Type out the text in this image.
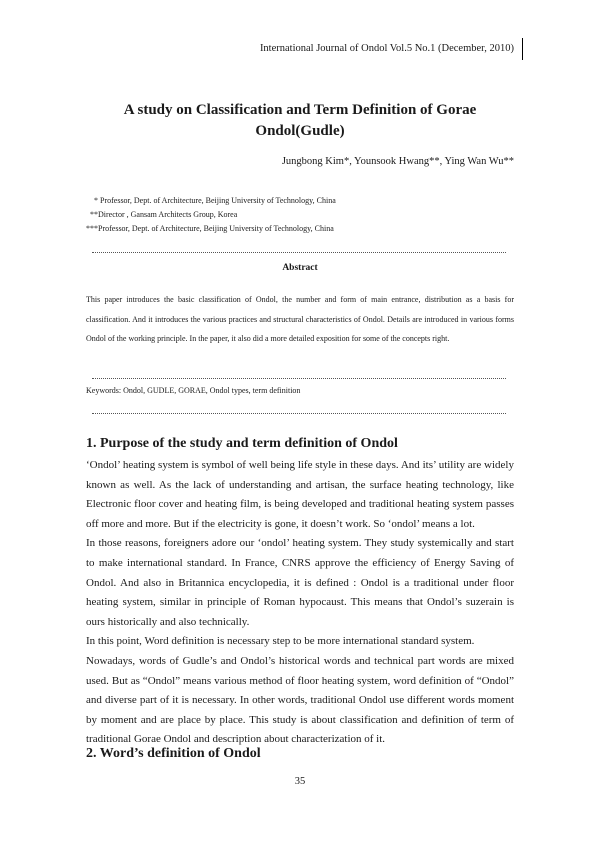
International Journal of Ondol Vol.5 No.1 (December, 2010)
A study on Classification and Term Definition of Gorae
Ondol(Gudle)
Jungbong Kim*, Younsook Hwang**, Ying Wan Wu**
* Professor, Dept. of Architecture, Beijing University of Technology, China
**Director , Gansam Architects Group, Korea
***Professor, Dept. of Architecture, Beijing University of Technology, China
Abstract
This paper introduces the basic classification of Ondol, the number and form of main entrance, distribution as a basis for classification. And it introduces the various practices and structural characteristics of Ondol. Details are introduced in various forms Ondol of the working principle. In the paper, it also did a more detailed exposition for some of the concepts right.
Keywords: Ondol, GUDLE, GORAE, Ondol types, term definition
1. Purpose of the study and term definition of Ondol

‘Ondol’ heating system is symbol of well being life style in these days. And its’ utility are widely known as well. As the lack of understanding and artisan, the surface heating technology, like Electronic floor cover and heating film, is being developed and traditional heating system passes off more and more. But if the electricity is gone, it doesn’t work. So ‘ondol’ means a lot.

In those reasons, foreigners adore our ‘ondol’ heating system. They study systemically and start to make international standard. In France, CNRS approve the efficiency of Energy Saving of Ondol. And also in Britannica encyclopedia, it is defined : Ondol is a traditional under floor heating system, similar in principle of Roman hypocaust. This means that Ondol’s suzerain is ours historically and also technically.

In this point, Word definition is necessary step to be more international standard system.

Nowadays, words of Gudle’s and Ondol’s historical words and technical part words are mixed used. But as “Ondol” means various method of floor heating system, word definition of “Ondol” and diverse part of it is necessary. In other words, traditional Ondol use different words moment by moment and are place by place. This study is about classification and definition of term of traditional Gorae Ondol and description about characterization of it.

2. Word’s definition of Ondol
35
